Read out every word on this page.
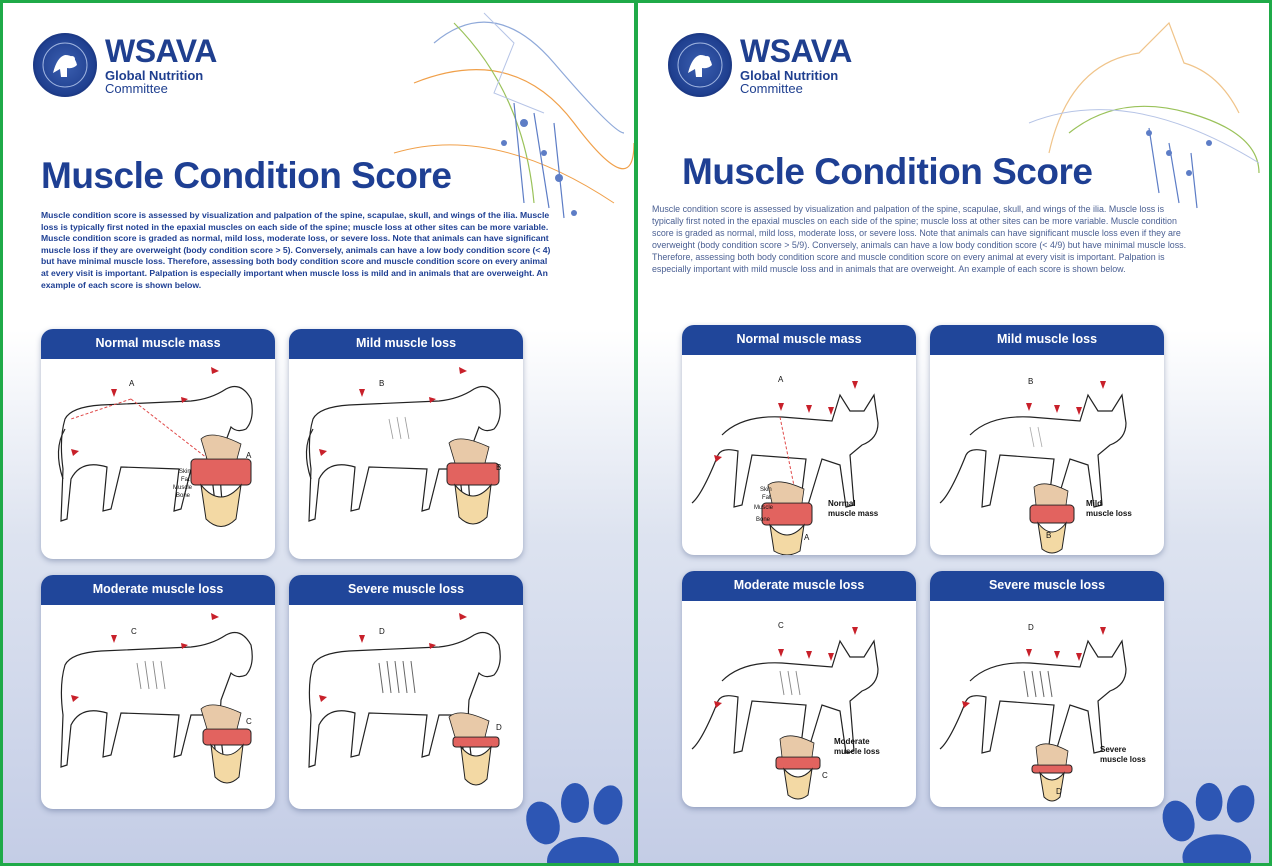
WSAVA
Global Nutrition
Committee
Muscle Condition Score
Muscle condition score is assessed by visualization and palpation of the spine, scapulae, skull, and wings of the ilia. Muscle loss is typically first noted in the epaxial muscles on each side of the spine; muscle loss at other sites can be more variable. Muscle condition score is graded as normal, mild loss, moderate loss, or severe loss. Note that animals can have significant muscle loss if they are overweight (body condition score > 5). Conversely, animals can have a low body condition score (< 4) but have minimal muscle loss. Therefore, assessing both body condition score and muscle condition score on every animal at every visit is important. Palpation is especially important when muscle loss is mild and in animals that are overweight. An example of each score is shown below.
Normal muscle mass
A
A
Skin
Fat
Muscle
Bone
Mild muscle loss
B
B
Moderate muscle loss
C
C
Severe muscle loss
D
D
WSAVA
Global Nutrition
Committee
Muscle Condition Score
Muscle condition score is assessed by visualization and palpation of the spine, scapulae, skull, and wings of the ilia. Muscle loss is typically first noted in the epaxial muscles on each side of the spine; muscle loss at other sites can be more variable. Muscle condition score is graded as normal, mild loss, moderate loss, or severe loss. Note that animals can have significant muscle loss even if they are overweight (body condition score > 5/9). Conversely, animals can have a low body condition score (< 4/9) but have minimal muscle loss. Therefore, assessing both body condition score and muscle condition score on every animal at every visit is important. Palpation is especially important with mild muscle loss and in animals that are overweight. An example of each score is shown below.
Normal muscle mass
A
A
Skin
Fat
Muscle
Bone
Normal
muscle mass
Mild muscle loss
B
B
Mild
muscle loss
Moderate muscle loss
C
C
Moderate
muscle loss
Severe muscle loss
D
D
Severe
muscle loss
